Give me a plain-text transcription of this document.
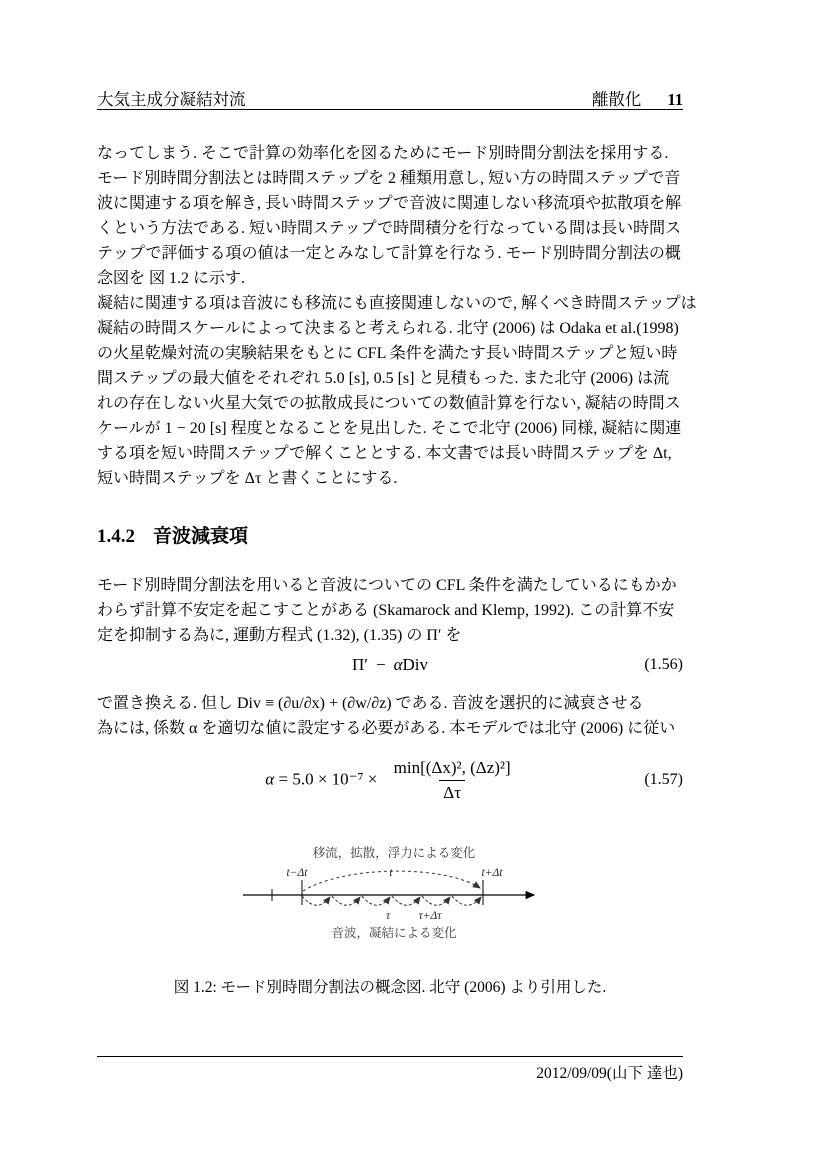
大気主成分凝結対流	離散化 11
なってしまう. そこで計算の効率化を図るためにモード別時間分割法を採用する.
モード別時間分割法とは時間ステップを 2 種類用意し, 短い方の時間ステップで音
波に関連する項を解き, 長い時間ステップで音波に関連しない移流項や拡散項を解
くという方法である. 短い時間ステップで時間積分を行なっている間は長い時間ス
テップで評価する項の値は一定とみなして計算を行なう. モード別時間分割法の概
念図を 図 1.2 に示す.
凝結に関連する項は音波にも移流にも直接関連しないので, 解くべき時間ステップは
凝結の時間スケールによって決まると考えられる. 北守 (2006) は Odaka et al.(1998)
の火星乾燥対流の実験結果をもとに CFL 条件を満たす長い時間ステップと短い時
間ステップの最大値をそれぞれ 5.0 [s], 0.5 [s] と見積もった. また北守 (2006) は流
れの存在しない火星大気での拡散成長についての数値計算を行ない, 凝結の時間ス
ケールが 1 − 20 [s] 程度となることを見出した. そこで北守 (2006) 同様, 凝結に関連
する項を短い時間ステップで解くこととする. 本文書では長い時間ステップを Δt,
短い時間ステップを Δτ と書くことにする.
1.4.2 音波減衰項
モード別時間分割法を用いると音波についての CFL 条件を満たしているにもかか
わらず計算不安定を起こすことがある (Skamarock and Klemp, 1992). この計算不安
定を抑制する為に, 運動方程式 (1.32), (1.35) の Π′ を
Π′ − αDiv	(1.56)
で置き換える. 但し Div ≡ (∂u/∂x) + (∂w/∂z) である. 音波を選択的に減衰させる
為には, 係数 α を適切な値に設定する必要がある. 本モデルでは北守 (2006) に従い
$\alpha = 5.0 \times 10^{-7} \times \frac{\text{min[(Δx)², (Δz)²]}}{\Delta\tau}$	(1.57)
移流，拡散，浮力による変化
t−Δt	t	t+Δt
τ τ+Δτ
音波，凝結による変化
図 1.2: モード別時間分割法の概念図. 北守 (2006) より引用した.
2012/09/09(山下 達也)
